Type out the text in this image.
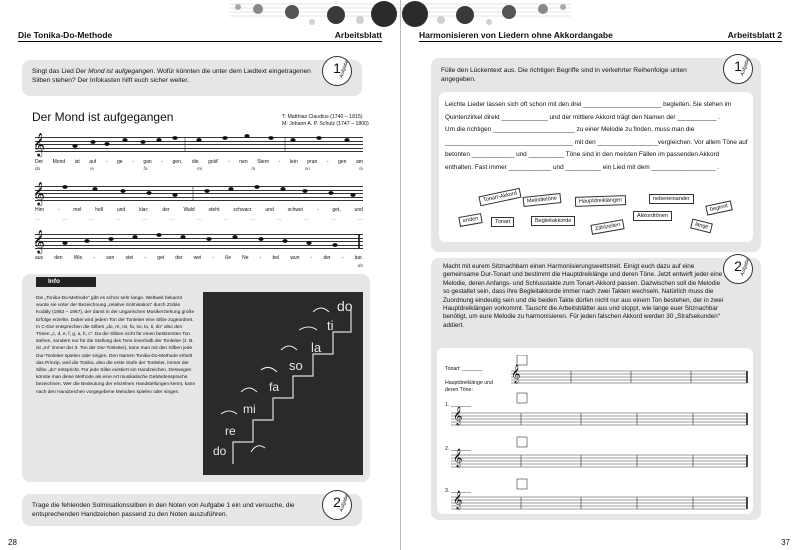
Die Tonika-Do-Methode	Arbeitsblatt
Singt das Lied Der Mond ist aufgegangen. Wofür könnten die unter dem Liedtext eingetragenen Silben stehen? Der Infokasten hilft euch sicher weiter.
1
Aufgabe
Der Mond ist aufgegangen	T: Matthias Claudius (1740 – 1815)
M: Johann A. P. Schulz (1747 – 1800)
𝄞
Der Mond ist auf - ge - gan - gen, die gold' - nen Stern - lein pran - gen am
do	re	fa	mi	la	so	la
𝄞
Him	-	mel	hell	und	klar;	der	Wald	steht	schwarz	und	schwei	-	get,	und
__	__	__	__	__	__	__	__	__	__	__	__	__
𝄞
aus den Wie - sen stei - get der wei - ße Ne - bel wun - der - bar.
do
Info
Die „Tonika-Do-Methode“ gibt es schon sehr lange. Weltweit bekannt wurde sie unter der Bezeichnung „relative Solmisation“ durch Zoltán Kodály (1882 – 1967), der damit in der ungarischen Musikerziehung große Erfolge erzielte. Dabei wird jedem Ton der Tonleiter eine Silbe zugeordnet. In C-Dur entsprechen die Silben „do, re, mi, fa, so, la, ti, do“ also den Tönen „c, d, e, f, g, a, h, c“. Da die Silben nicht für einen bestimmten Ton stehen, sondern nur für die Stellung des Tons innerhalb der Tonleiter (z. B. ist „mi“ immer der 3. Ton der Dur-Tonleiter), kann man mit den Silben jede Dur-Tonleiter spielen oder singen. Den Namen Tonika-Do-Methode erhielt das Prinzip, weil die Tonika, also die erste Stufe der Tonleiter, immer der Silbe „do“ entspricht. Für jede Silbe existiert ein Handzeichen. Deswegen könnte man diese Methode als eine Art musikalische Gebärdensprache bezeichnen. Wer die Bedeutung der einzelnen Handstellungen kennt, kann nach den Handzeichen vorgegebene Melodien spielen oder singen.
do
re
mi
fa
so
la
ti
do
Trage die fehlenden Solmisationssilben in den Noten von Aufgabe 1 ein und versuche, die entsprechenden Handzeichen passend zu den Noten auszuführen.
2
Aufgabe
28
Harmonisieren von Liedern ohne Akkordangabe	Arbeitsblatt 2
Fülle den Lückentext aus. Die richtigen Begriffe sind in verkehrter Reihenfolge unten angegeben.
1
Aufgabe
Leichte Lieder lassen sich oft schon mit den drei ______________________ begleiten. Sie stehen im
Quintenzirkel direkt _____________ und der mittlere Akkord trägt den Namen der ___________ .
Um die richtigen _______________________ zu einer Melodie zu finden, muss man die
____________________________________ mit den _________________vergleichen. Vor allem Töne auf
betonten ____________ und __________ Töne sind in den meisten Fällen im passenden Akkord
enthalten. Fast immer ____________ und __________ ein Lied mit dem __________________ .
Tonart-Akkord	Melodietöne	Hauptdreiklängen	nebeneinander
enden	Tonart	Begleitakkorde
Akkordtönen
beginnt
Zählzeiten	lange
Macht mit eurem Sitznachbarn einen Harmonisierungswettstreit. Einigt euch dazu auf eine gemeinsame Dur-Tonart und bestimmt die Hauptdreiklänge und deren Töne. Jetzt entwirft jeder eine Melodie, deren Anfangs- und Schlusstakte zum Tonart-Akkord passen. Dazwischen soll die Melodie so gestaltet sein, dass ihre Begleitakkorde immer nach zwei Takten wechseln. Natürlich muss die Zuordnung eindeutig sein und die beiden Takte dürfen nicht nur aus einem Ton bestehen, der in zwei Hauptdreiklängen vorkommt. Tauscht die Arbeitsblätter aus und stoppt, wie lange euer Sitznachbar benötigt, um eure Melodie zu harmonisieren. Für jeden falschen Akkord werden 30 „Strafsekunden“ addiert.
2
Aufgabe
Tonart: _______
Hauptdreiklänge und deren Töne:
1. _______
2. _______
3. _______
𝄞
𝄞
𝄞
𝄞
37
